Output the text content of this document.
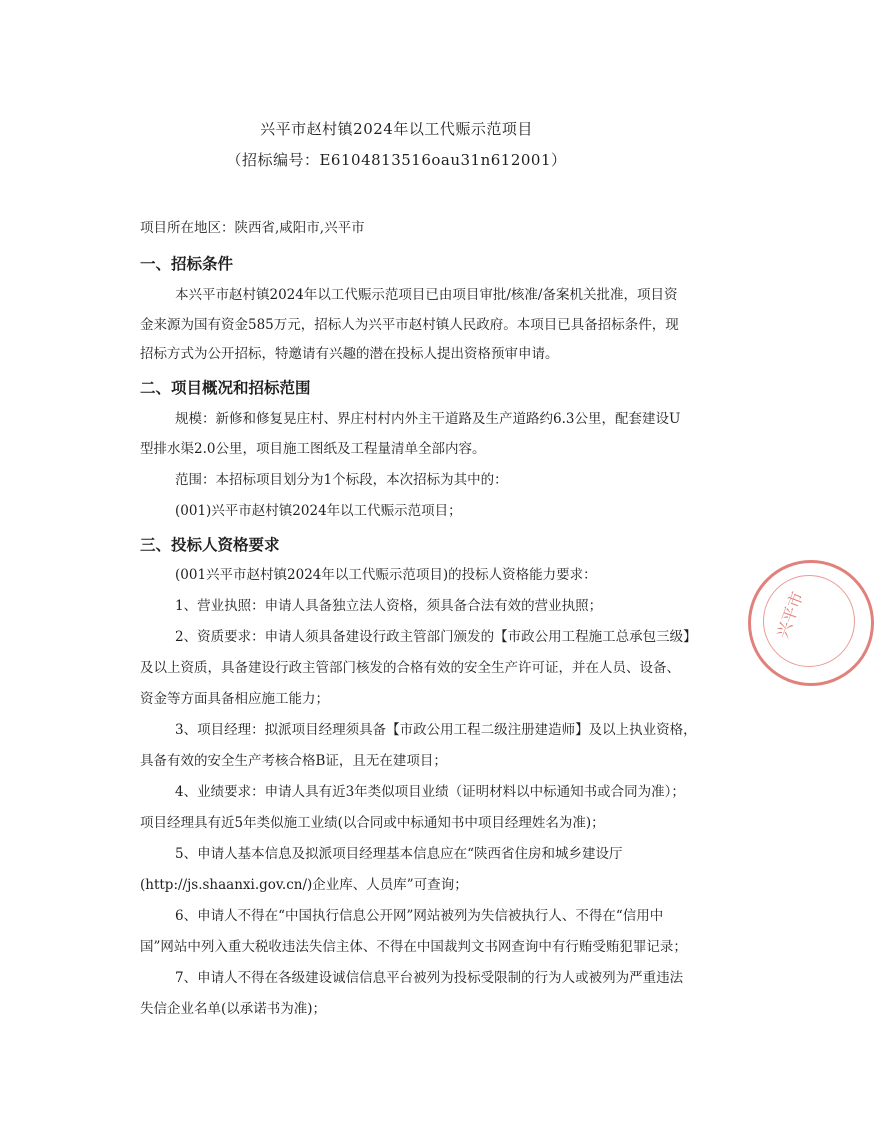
兴平市赵村镇2024年以工代赈示范项目
（招标编号：E6104813516oau31n612001）
项目所在地区：陕西省,咸阳市,兴平市
一、招标条件
本兴平市赵村镇2024年以工代赈示范项目已由项目审批/核准/备案机关批准，项目资
金来源为国有资金585万元，招标人为兴平市赵村镇人民政府。本项目已具备招标条件，现
招标方式为公开招标，特邀请有兴趣的潜在投标人提出资格预审申请。
二、项目概况和招标范围
规模：新修和修复晃庄村、界庄村村内外主干道路及生产道路约6.3公里，配套建设U
型排水渠2.0公里，项目施工图纸及工程量清单全部内容。
范围：本招标项目划分为1个标段，本次招标为其中的：
(001)兴平市赵村镇2024年以工代赈示范项目；
三、投标人资格要求
(001兴平市赵村镇2024年以工代赈示范项目)的投标人资格能力要求：
1、营业执照：申请人具备独立法人资格，须具备合法有效的营业执照；
2、资质要求：申请人须具备建设行政主管部门颁发的【市政公用工程施工总承包三级】
及以上资质，具备建设行政主管部门核发的合格有效的安全生产许可证，并在人员、设备、
资金等方面具备相应施工能力；
3、项目经理：拟派项目经理须具备【市政公用工程二级注册建造师】及以上执业资格，
具备有效的安全生产考核合格B证，且无在建项目；
4、业绩要求：申请人具有近3年类似项目业绩（证明材料以中标通知书或合同为准）；
项目经理具有近5年类似施工业绩(以合同或中标通知书中项目经理姓名为准)；
5、申请人基本信息及拟派项目经理基本信息应在“陕西省住房和城乡建设厅
(http://js.shaanxi.gov.cn/)企业库、人员库”可查询；
6、申请人不得在“中国执行信息公开网”网站被列为失信被执行人、不得在“信用中
国”网站中列入重大税收违法失信主体、不得在中国裁判文书网查询中有行贿受贿犯罪记录；
7、申请人不得在各级建设诚信信息平台被列为投标受限制的行为人或被列为严重违法
失信企业名单(以承诺书为准)；
兴平市
